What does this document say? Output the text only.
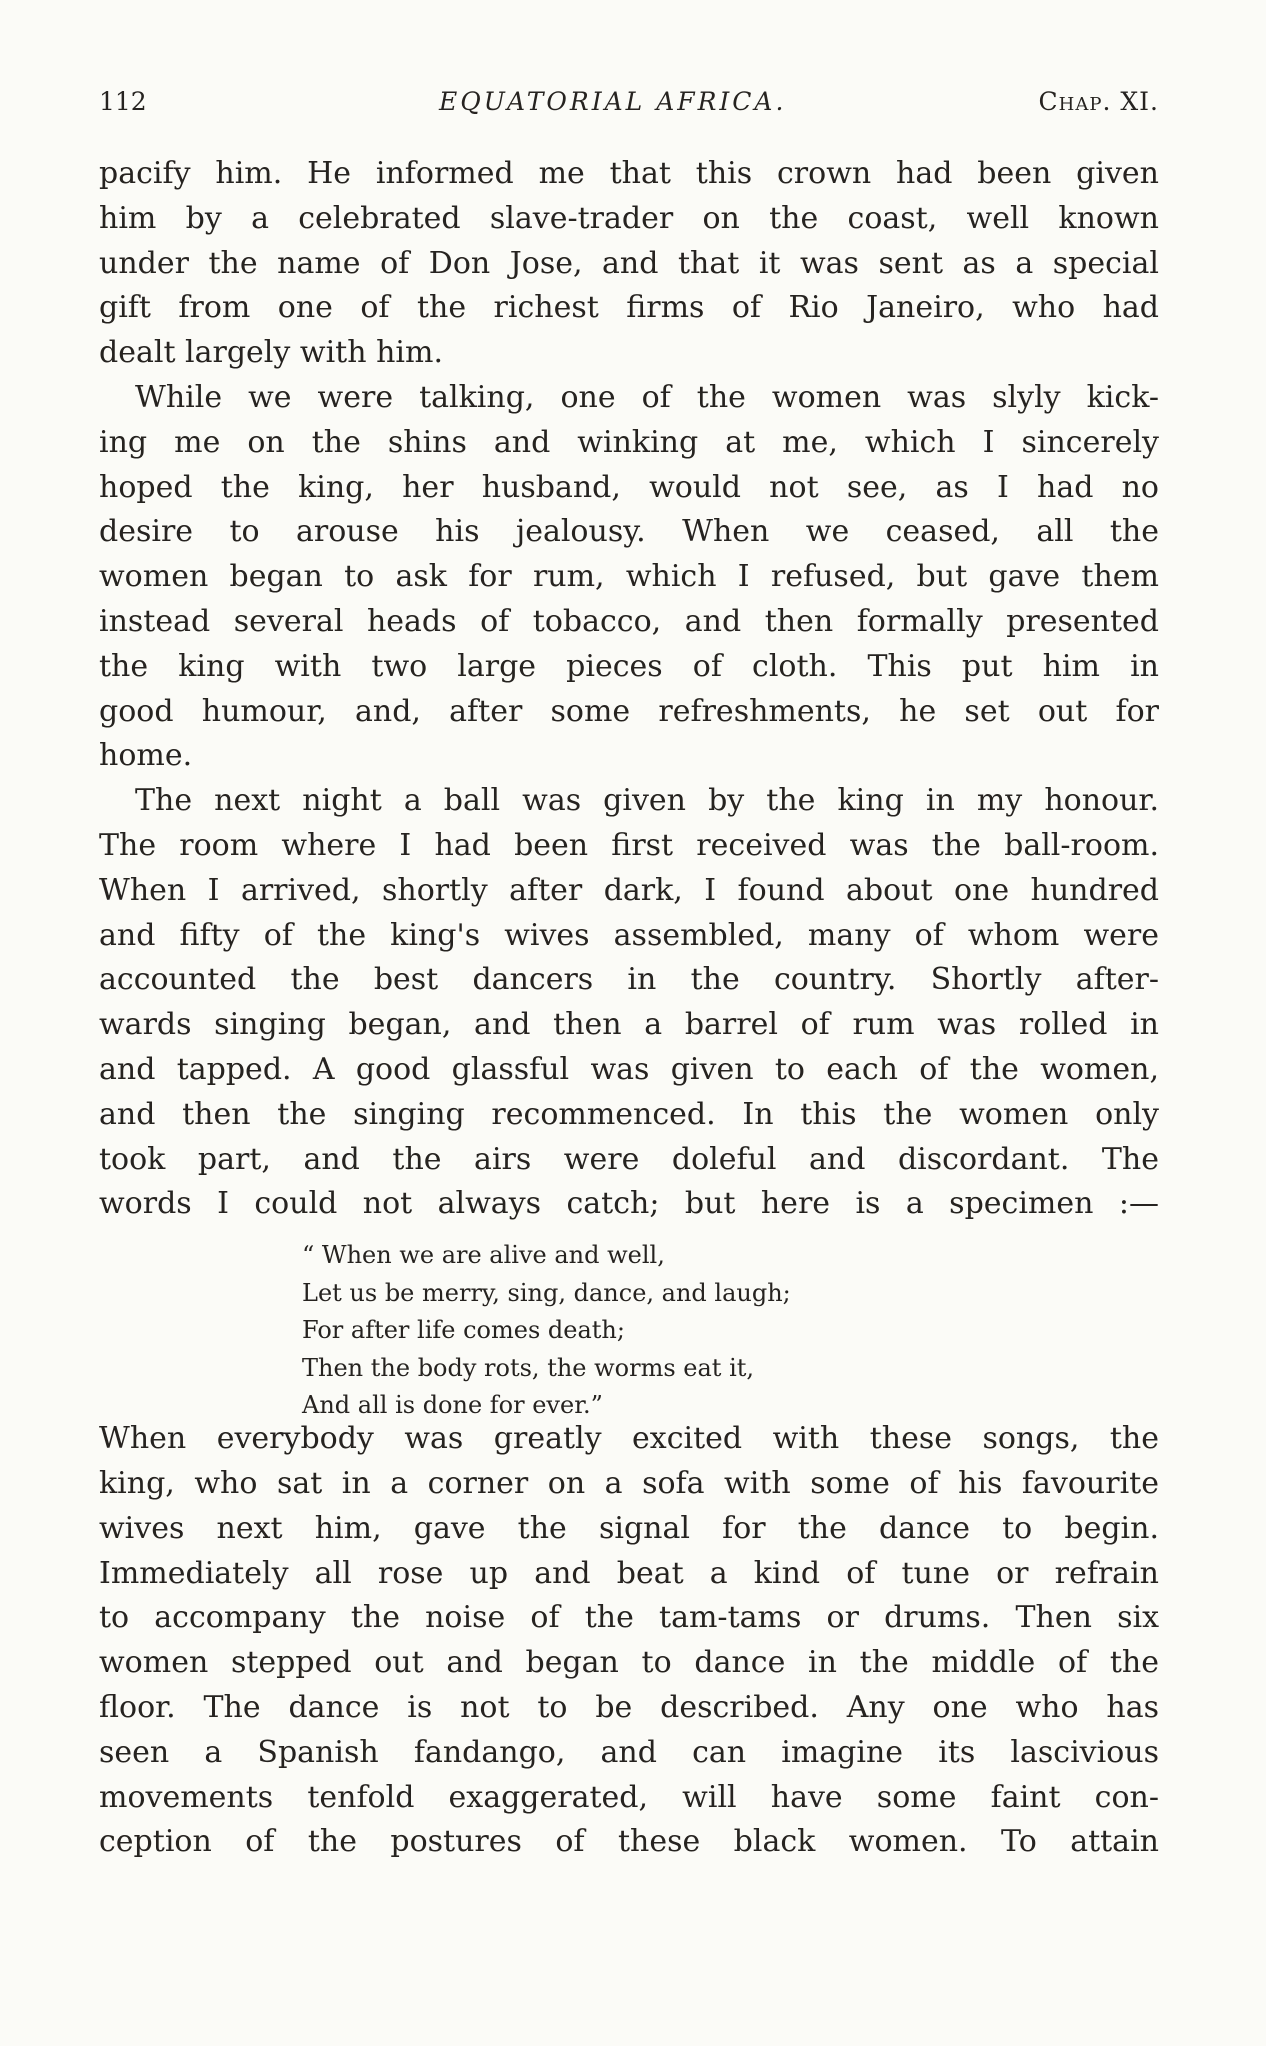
112	EQUATORIAL AFRICA.	Chap. XI.
pacify him. He informed me that this crown had been given
him by a celebrated slave-trader on the coast, well known
under the name of Don Jose, and that it was sent as a special
gift from one of the richest firms of Rio Janeiro, who had
dealt largely with him.
While we were talking, one of the women was slyly kick-
ing me on the shins and winking at me, which I sincerely
hoped the king, her husband, would not see, as I had no
desire to arouse his jealousy. When we ceased, all the
women began to ask for rum, which I refused, but gave them
instead several heads of tobacco, and then formally presented
the king with two large pieces of cloth. This put him in
good humour, and, after some refreshments, he set out for
home.
The next night a ball was given by the king in my honour.
The room where I had been first received was the ball-room.
When I arrived, shortly after dark, I found about one hundred
and fifty of the king's wives assembled, many of whom were
accounted the best dancers in the country. Shortly after-
wards singing began, and then a barrel of rum was rolled in
and tapped. A good glassful was given to each of the women,
and then the singing recommenced. In this the women only
took part, and the airs were doleful and discordant. The
words I could not always catch; but here is a specimen :—
“ When we are alive and well,
Let us be merry, sing, dance, and laugh;
For after life comes death;
Then the body rots, the worms eat it,
And all is done for ever.”
When everybody was greatly excited with these songs, the
king, who sat in a corner on a sofa with some of his favourite
wives next him, gave the signal for the dance to begin.
Immediately all rose up and beat a kind of tune or refrain
to accompany the noise of the tam-tams or drums. Then six
women stepped out and began to dance in the middle of the
floor. The dance is not to be described. Any one who has
seen a Spanish fandango, and can imagine its lascivious
movements tenfold exaggerated, will have some faint con-
ception of the postures of these black women. To attain
